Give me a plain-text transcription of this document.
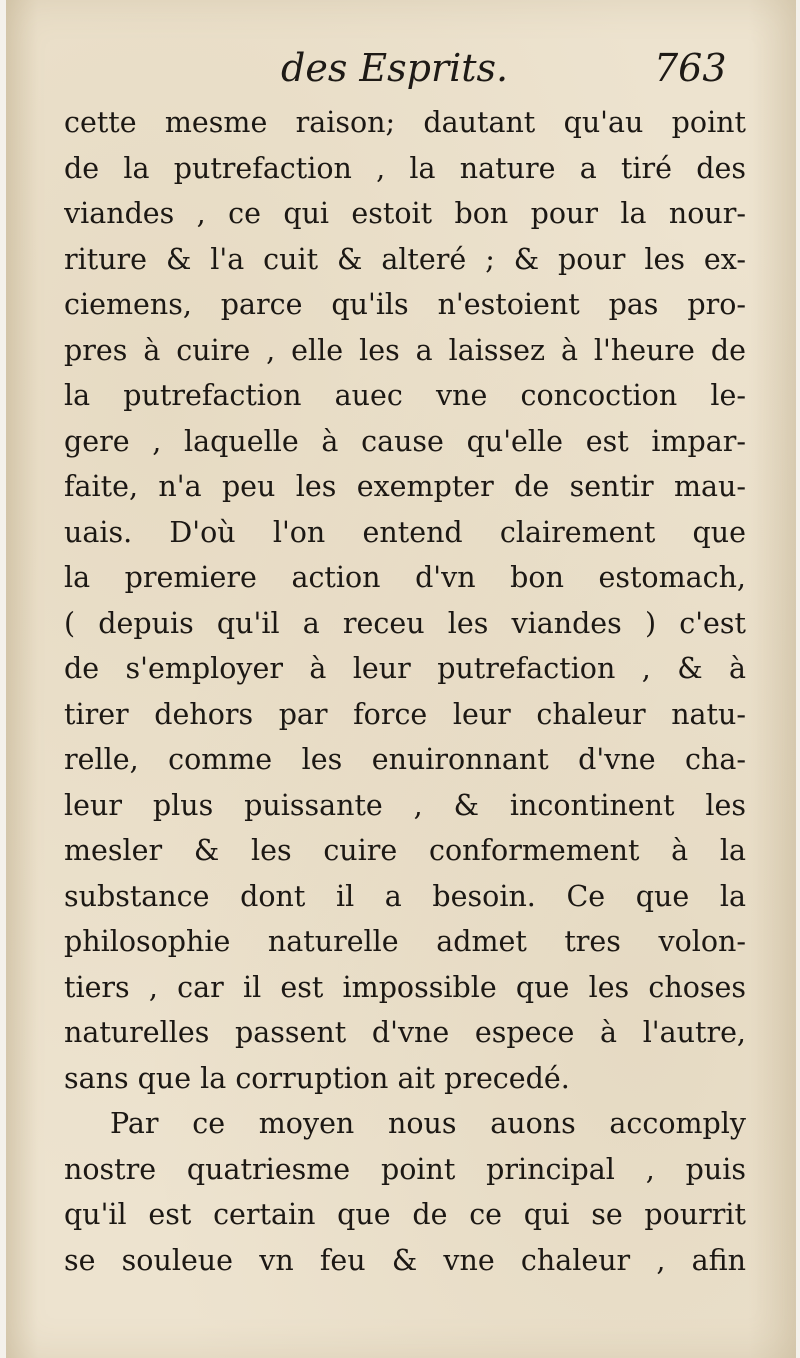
des Esprits.	763
cette mesme raison; dautant qu'au point
de la putrefaction , la nature a tiré des
viandes , ce qui estoit bon pour la nour-
riture & l'a cuit & alteré ; & pour les ex-
ciemens, parce qu'ils n'estoient pas pro-
pres à cuire , elle les a laissez à l'heure de
la putrefaction auec vne concoction le-
gere , laquelle à cause qu'elle est impar-
faite, n'a peu les exempter de sentir mau-
uais. D'où l'on entend clairement que
la premiere action d'vn bon estomach,
( depuis qu'il a receu les viandes ) c'est
de s'employer à leur putrefaction , & à
tirer dehors par force leur chaleur natu-
relle, comme les enuironnant d'vne cha-
leur plus puissante , & incontinent les
mesler & les cuire conformement à la
substance dont il a besoin. Ce que la
philosophie naturelle admet tres volon-
tiers , car il est impossible que les choses
naturelles passent d'vne espece à l'autre,
sans que la corruption ait precedé.
Par ce moyen nous auons accomply
nostre quatriesme point principal , puis
qu'il est certain que de ce qui se pourrit
se souleue vn feu & vne chaleur , afin
